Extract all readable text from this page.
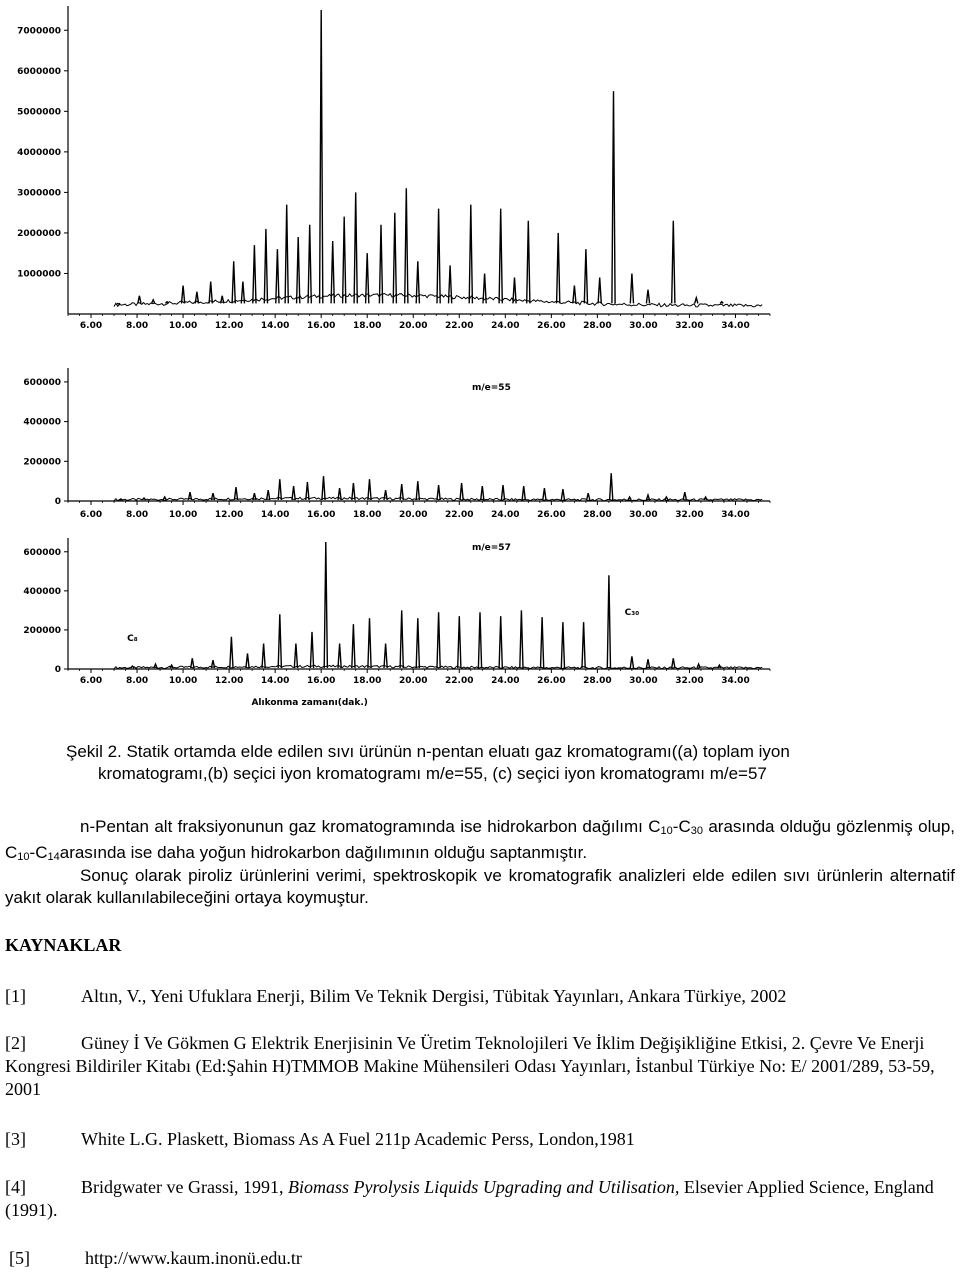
1000000
2000000
3000000
4000000
5000000
6000000
7000000
6.00	8.00 10.00 12.00 14.00 16.00 18.00 20.00 22.00 24.00 26.00 28.00 30.00 32.00 34.00
0
200000
400000
600000
6.00	8.00 10.00 12.00 14.00 16.00 18.00 20.00 22.00 24.00 26.00 28.00 30.00 32.00 34.00
m/e=55
0
200000
400000
600000
6.00	8.00 10.00 12.00 14.00 16.00 18.00 20.00 22.00 24.00 26.00 28.00 30.00 32.00 34.00
m/e=57
C₈
C₃₀
Alıkonma zamanı(dak.)
Şekil 2. Statik ortamda elde edilen sıvı ürünün n-pentan eluatı gaz kromatogramı((a) toplam iyon
kromatogramı,(b) seçici iyon kromatogramı m/e=55, (c) seçici iyon kromatogramı m/e=57
n-Pentan alt fraksiyonunun gaz kromatogramında ise hidrokarbon dağılımı $C_{10}-C_{30}$ arasında olduğu gözlenmiş olup, $C_{10}-C_{14}arasında$ ise daha yoğun hidrokarbon dağılımının olduğu saptanmıştır.
Sonuç olarak piroliz ürünlerini verimi, spektroskopik ve kromatografik analizleri elde edilen sıvı ürünlerin alternatif yakıt olarak kullanılabileceğini ortaya koymuştur.
KAYNAKLAR
[1]	Altın, V., Yeni Ufuklara Enerji, Bilim Ve Teknik Dergisi, Tübitak Yayınları, Ankara Türkiye, 2002
[2]	Güney İ Ve Gökmen G Elektrik Enerjisinin Ve Üretim Teknolojileri Ve İklim Değişikliğine Etkisi, 2. Çevre Ve Enerji Kongresi Bildiriler Kitabı (Ed:Şahin H)TMMOB Makine Mühensileri Odası Yayınları, İstanbul Türkiye No: E/ 2001/289, 53-59, 2001
[3]	White L.G. Plaskett, Biomass As A Fuel 211p Academic Perss, London,1981
[4]	Bridgwater ve Grassi, 1991, Biomass Pyrolysis Liquids Upgrading and Utilisation, Elsevier Applied Science, England (1991).
[5]	http://www.kaum.inonü.edu.tr
